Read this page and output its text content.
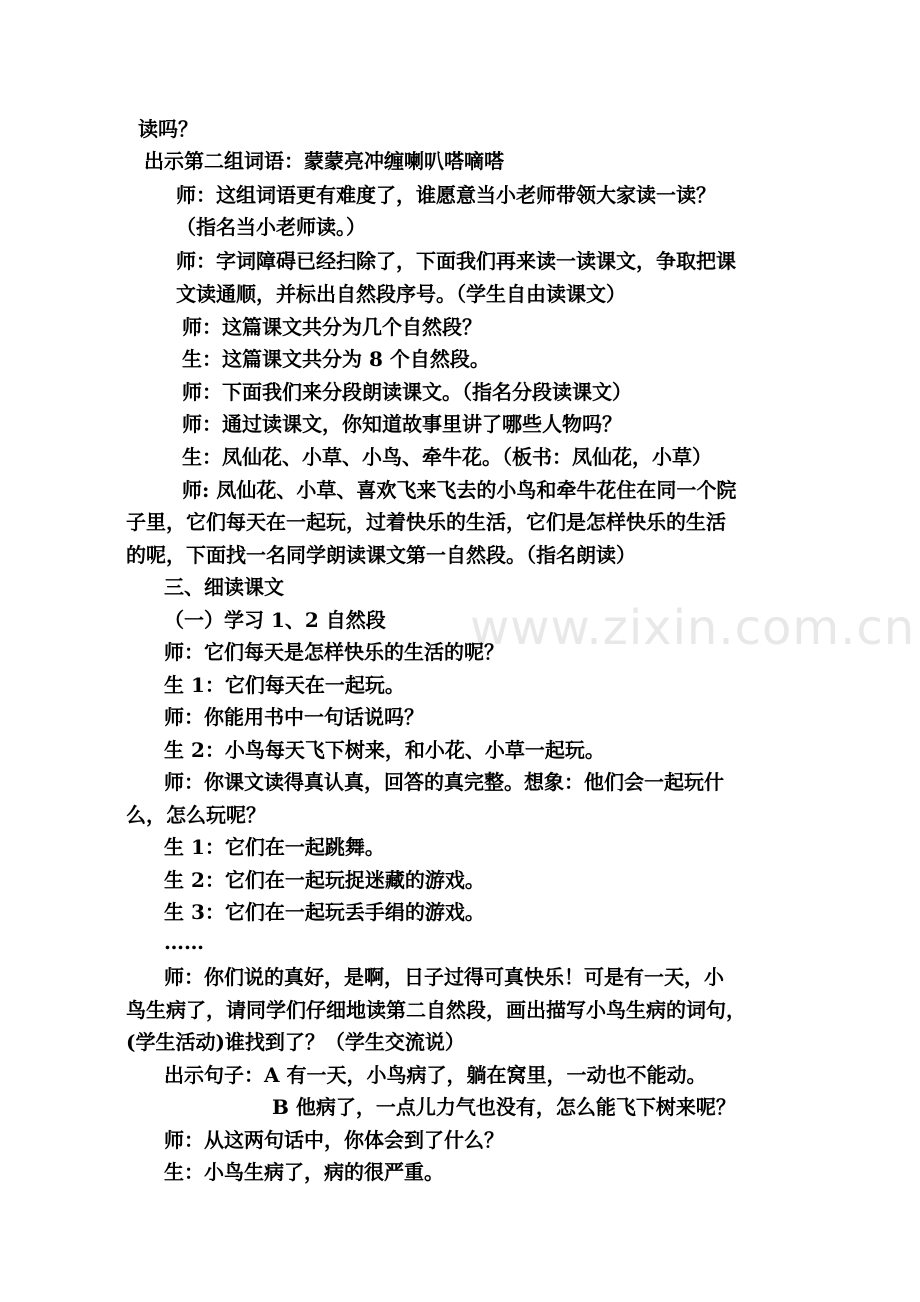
www.zixin.com.cn
读吗？
出示第二组词语：蒙蒙亮冲缠喇叭嗒嘀嗒
师：这组词语更有难度了，谁愿意当小老师带领大家读一读？
（指名当小老师读。）
师：字词障碍已经扫除了，下面我们再来读一读课文，争取把课
文读通顺，并标出自然段序号。（学生自由读课文）
师：这篇课文共分为几个自然段？
生：这篇课文共分为 8 个自然段。
师：下面我们来分段朗读课文。（指名分段读课文）
师：通过读课文，你知道故事里讲了哪些人物吗？
生：凤仙花、小草、小鸟、牵牛花。（板书：凤仙花，小草）
师: 凤仙花、小草、喜欢飞来飞去的小鸟和牵牛花住在同一个院
子里，它们每天在一起玩，过着快乐的生活，它们是怎样快乐的生活
的呢，下面找一名同学朗读课文第一自然段。（指名朗读）
三、细读课文
（一）学习 1、2 自然段
师：它们每天是怎样快乐的生活的呢？
生 1：它们每天在一起玩。
师：你能用书中一句话说吗？
生 2：小鸟每天飞下树来，和小花、小草一起玩。
师：你课文读得真认真，回答的真完整。想象：他们会一起玩什
么，怎么玩呢？
生 1：它们在一起跳舞。
生 2：它们在一起玩捉迷藏的游戏。
生 3：它们在一起玩丢手绢的游戏。
……
师：你们说的真好，是啊，日子过得可真快乐！可是有一天，小
鸟生病了，请同学们仔细地读第二自然段，画出描写小鸟生病的词句，
(学生活动)谁找到了？（学生交流说）
出示句子：A 有一天，小鸟病了，躺在窝里，一动也不能动。
B 他病了，一点儿力气也没有，怎么能飞下树来呢？
师：从这两句话中，你体会到了什么？
生：小鸟生病了，病的很严重。
